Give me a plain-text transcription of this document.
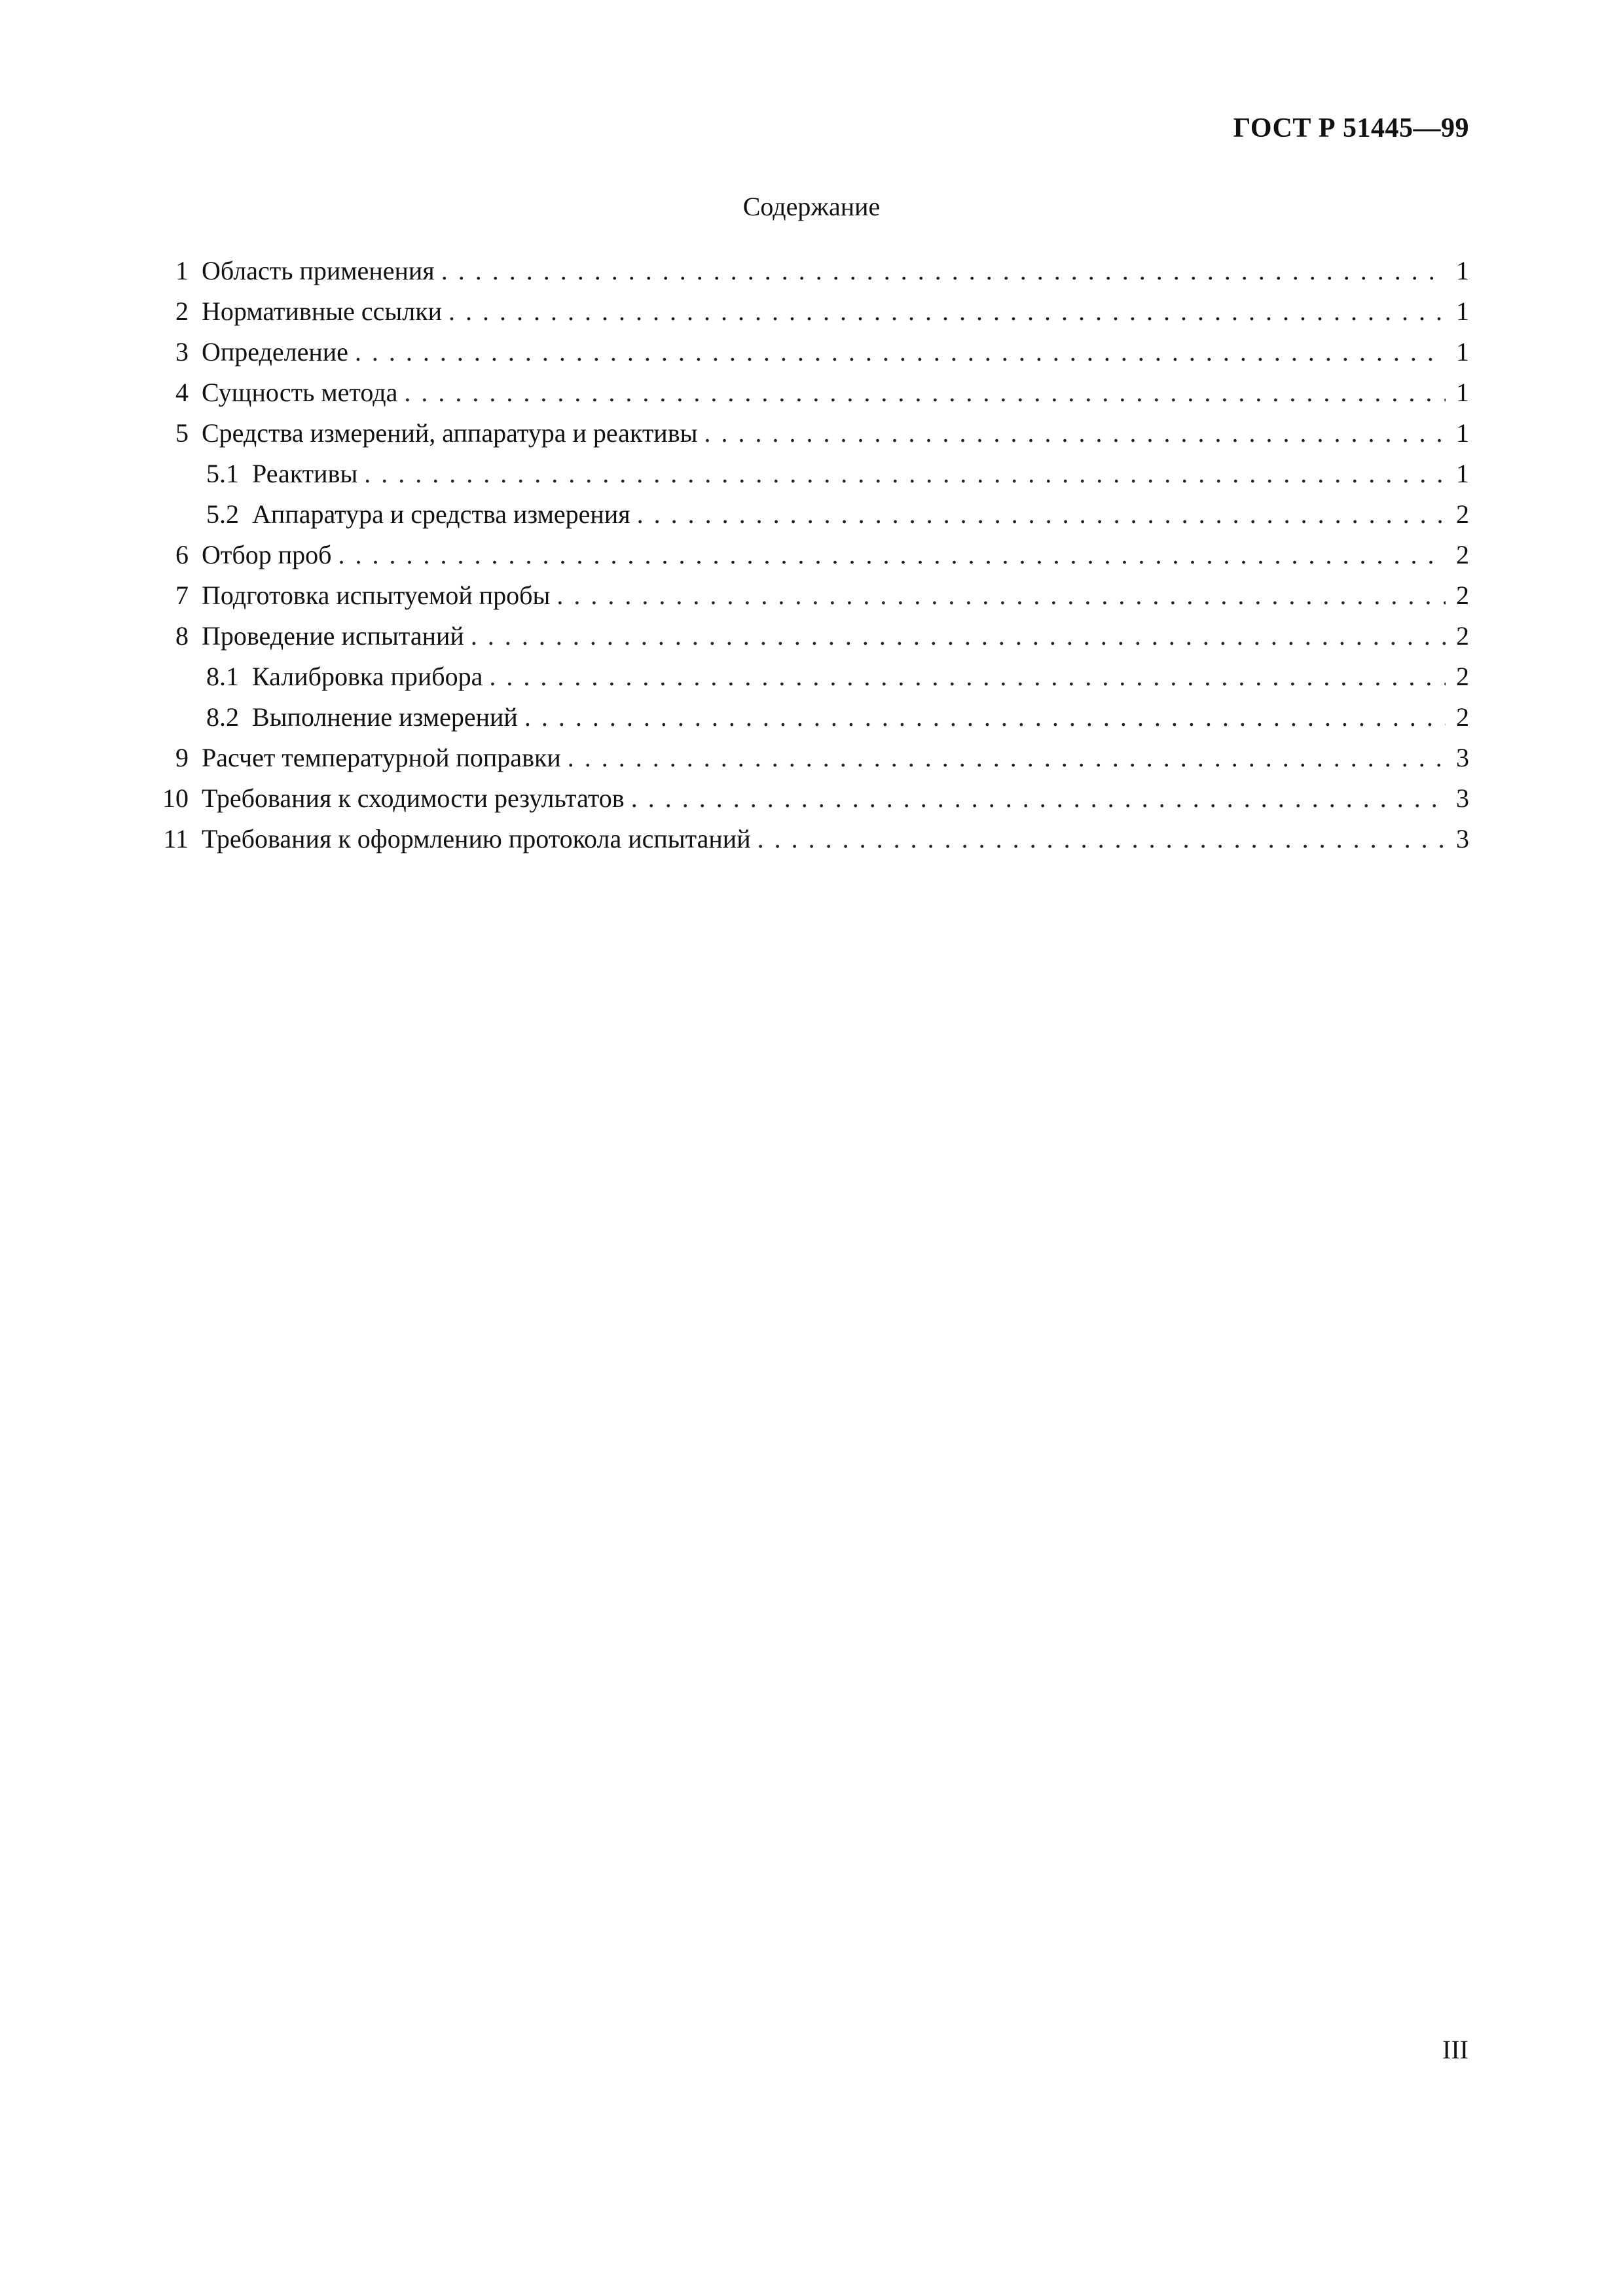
ГОСТ Р 51445—99
Содержание
1 Область применения . . .	1
2 Нормативные ссылки . . .	1
3 Определение . . .	1
4 Сущность метода . . .	1
5 Средства измерений, аппаратура и реактивы . . .	1
5.1 Реактивы . . .	1
5.2 Аппаратура и средства измерения . . .	2
6 Отбор проб . . .	2
7 Подготовка испытуемой пробы . . .	2
8 Проведение испытаний . . .	2
8.1 Калибровка прибора . . .	2
8.2 Выполнение измерений . . .	2
9 Расчет температурной поправки . . .	3
10 Требования к сходимости результатов . . .	3
11 Требования к оформлению протокола испытаний . . .	3
III
